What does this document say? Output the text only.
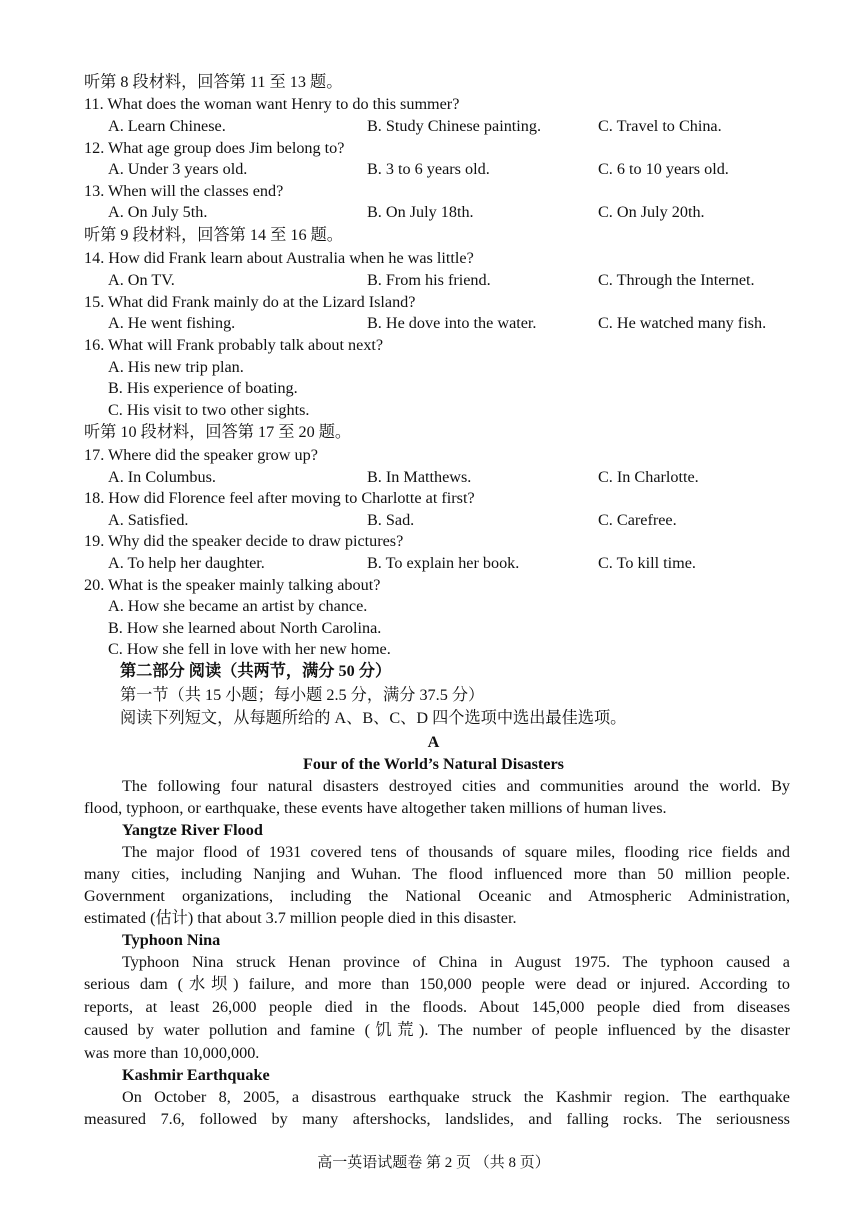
听第 8 段材料，回答第 11 至 13 题。
11. What does the woman want Henry to do this summer?
A. Learn Chinese.	B. Study Chinese painting.	C. Travel to China.
12. What age group does Jim belong to?
A. Under 3 years old.	B. 3 to 6 years old.	C. 6 to 10 years old.
13. When will the classes end?
A. On July 5th.	B. On July 18th.	C. On July 20th.
听第 9 段材料，回答第 14 至 16 题。
14. How did Frank learn about Australia when he was little?
A. On TV.	B. From his friend.	C. Through the Internet.
15. What did Frank mainly do at the Lizard Island?
A. He went fishing.	B. He dove into the water.	C. He watched many fish.
16. What will Frank probably talk about next?
A. His new trip plan.
B. His experience of boating.
C. His visit to two other sights.
听第 10 段材料，回答第 17 至 20 题。
17. Where did the speaker grow up?
A. In Columbus.	B. In Matthews.	C. In Charlotte.
18. How did Florence feel after moving to Charlotte at first?
A. Satisfied.	B. Sad.	C. Carefree.
19. Why did the speaker decide to draw pictures?
A. To help her daughter.	B. To explain her book.	C. To kill time.
20. What is the speaker mainly talking about?
A. How she became an artist by chance.
B. How she learned about North Carolina.
C. How she fell in love with her new home.
第二部分 阅读（共两节，满分 50 分）
第一节（共 15 小题；每小题 2.5 分，满分 37.5 分）
阅读下列短文，从每题所给的 A、B、C、D 四个选项中选出最佳选项。
A
Four of the World’s Natural Disasters
The following four natural disasters destroyed cities and communities around the world. By
flood, typhoon, or earthquake, these events have altogether taken millions of human lives.
Yangtze River Flood
The major flood of 1931 covered tens of thousands of square miles, flooding rice fields and
many cities, including Nanjing and Wuhan. The flood influenced more than 50 million people.
Government organizations, including the National Oceanic and Atmospheric Administration,
estimated (估计) that about 3.7 million people died in this disaster.
Typhoon Nina
Typhoon Nina struck Henan province of China in August 1975. The typhoon caused a
serious dam (水坝) failure, and more than 150,000 people were dead or injured. According to
reports, at least 26,000 people died in the floods. About 145,000 people died from diseases
caused by water pollution and famine (饥荒). The number of people influenced by the disaster
was more than 10,000,000.
Kashmir Earthquake
On October 8, 2005, a disastrous earthquake struck the Kashmir region. The earthquake
measured 7.6, followed by many aftershocks, landslides, and falling rocks. The seriousness
高一英语试题卷 第 2 页 （共 8 页）
